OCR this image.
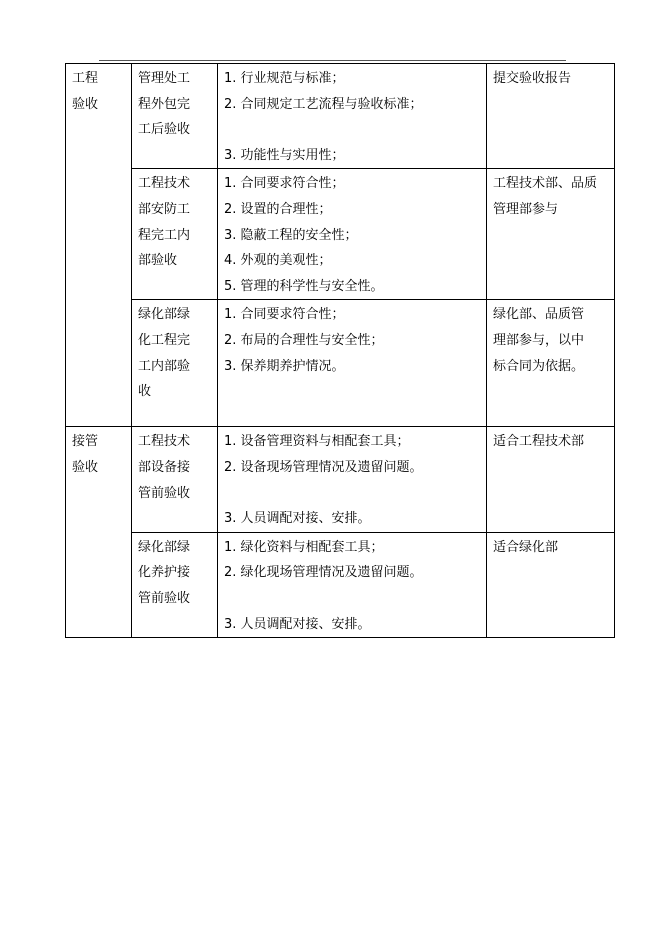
工程验收	管理处工程外包完工后验收	1. 行业规范与标准；
2. 合同规定工艺流程与验收标准；
3. 功能性与实用性；	提交验收报告

	工程技术部安防工程完工内部验收	1. 合同要求符合性；
2. 设置的合理性；
3. 隐蔽工程的安全性；
4. 外观的美观性；
5. 管理的科学性与安全性。	工程技术部、品质管理部参与

	绿化部绿化工程完工内部验收	1. 合同要求符合性；
2. 布局的合理性与安全性；
3. 保养期养护情况。	绿化部、品质管理部参与，以中标合同为依据。

接管验收	工程技术部设备接管前验收	1. 设备管理资料与相配套工具；
2. 设备现场管理情况及遗留问题。
3. 人员调配对接、安排。	适合工程技术部

	绿化部绿化养护接管前验收	1. 绿化资料与相配套工具；
2. 绿化现场管理情况及遗留问题。
3. 人员调配对接、安排。	适合绿化部
